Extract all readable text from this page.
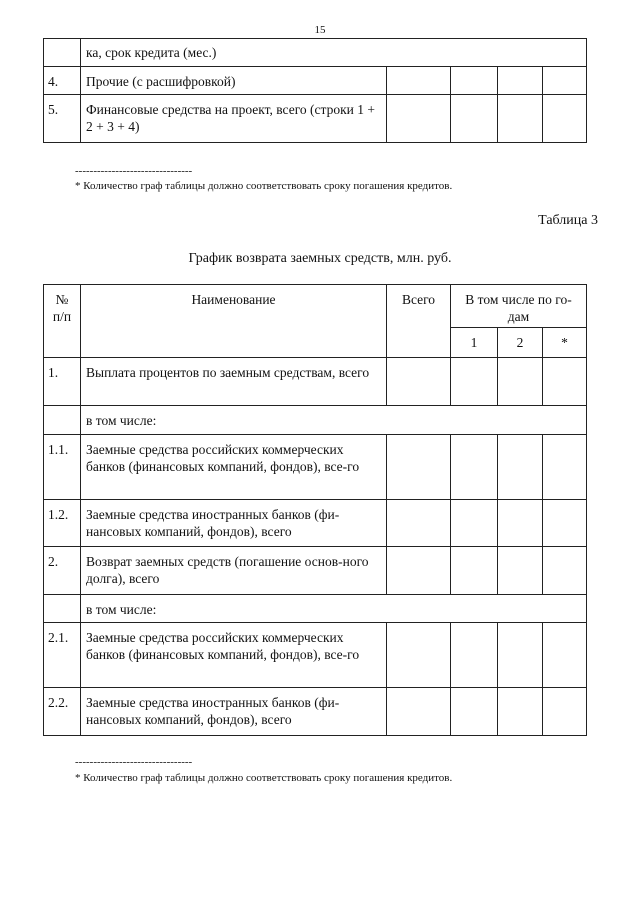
15
	ка, срок кредита (мес.)				
4.	Прочие (с расшифровкой)				
5.	Финансовые средства на проект, всего (строки 1 + 2 + 3 + 4)				
--------------------------------
* Количество граф таблицы должно соответствовать сроку погашения кредитов.
Таблица 3
График возврата заемных средств, млн. руб.
№ п/п	Наименование	Всего	В том числе по го-дам		
			1	2	*
1.	Выплата процентов по заемным средствам, всего				
	в том числе:				
1.1.	Заемные средства российских коммерческих банков (финансовых компаний, фондов), все-го				
1.2.	Заемные средства иностранных банков (фи-нансовых компаний, фондов), всего				
2.	Возврат заемных средств (погашение основ-ного долга), всего				
	в том числе:				
2.1.	Заемные средства российских коммерческих банков (финансовых компаний, фондов), все-го				
2.2.	Заемные средства иностранных банков (фи-нансовых компаний, фондов), всего				
--------------------------------
* Количество граф таблицы должно соответствовать сроку погашения кредитов.
